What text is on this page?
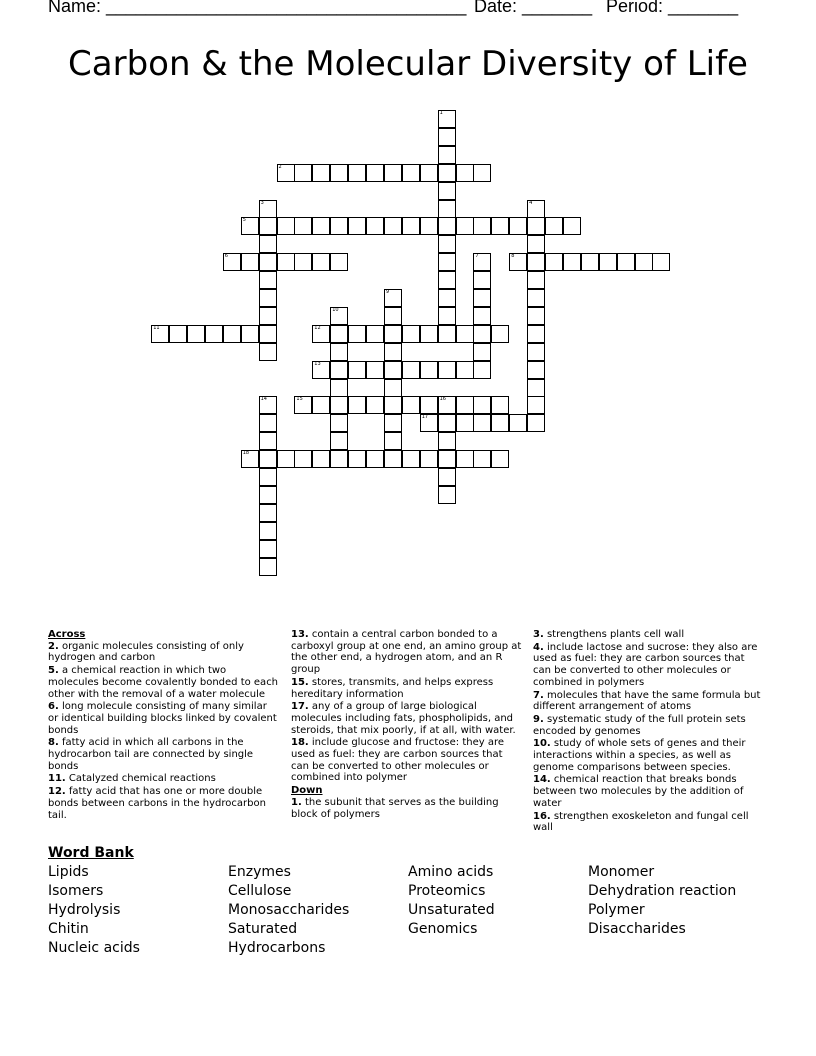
Name: ____________________________________ Date: _______ Period: _______
Carbon & the Molecular Diversity of Life
2
5
6	8
11	12
13
15	16
17
18
1
3	4
7
9
10
14
Across
2. organic molecules consisting of only hydrogen and carbon
5. a chemical reaction in which two molecules become covalently bonded to each other with the removal of a water molecule
6. long molecule consisting of many similar or identical building blocks linked by covalent bonds
8. fatty acid in which all carbons in the hydrocarbon tail are connected by single bonds
11. Catalyzed chemical reactions
12. fatty acid that has one or more double bonds between carbons in the hydrocarbon tail.
13. contain a central carbon bonded to a carboxyl group at one end, an amino group at the other end, a hydrogen atom, and an R group
15. stores, transmits, and helps express hereditary information
17. any of a group of large biological molecules including fats, phospholipids, and steroids, that mix poorly, if at all, with water.
18. include glucose and fructose: they are used as fuel: they are carbon sources that can be converted to other molecules or combined into polymer
Down
1. the subunit that serves as the building block of polymers
3. strengthens plants cell wall
4. include lactose and sucrose: they also are used as fuel: they are carbon sources that can be converted to other molecules or combined in polymers
7. molecules that have the same formula but different arrangement of atoms
9. systematic study of the full protein sets encoded by genomes
10. study of whole sets of genes and their interactions within a species, as well as genome comparisons between species.
14. chemical reaction that breaks bonds between two molecules by the addition of water
16. strengthen exoskeleton and fungal cell wall
Word Bank
Lipids
Isomers
Hydrolysis
Chitin
Nucleic acids
Enzymes
Cellulose
Monosaccharides
Saturated
Hydrocarbons
Amino acids
Proteomics
Unsaturated
Genomics
Monomer
Dehydration reaction
Polymer
Disaccharides
